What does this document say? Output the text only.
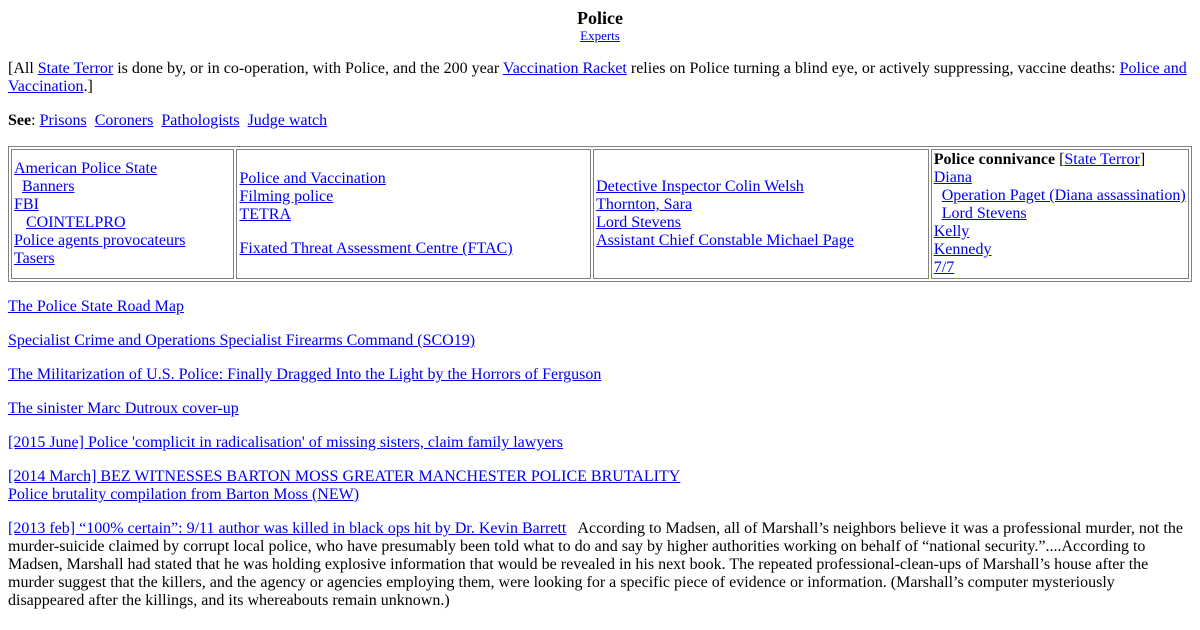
Police
Experts
[All State Terror is done by, or in co-operation, with Police, and the 200 year Vaccination Racket relies on Police turning a blind eye, or actively suppressing, vaccine deaths: Police and Vaccination.]
See: Prisons Coroners Pathologists Judge watch
American Police State
Banners
FBI
COINTELPRO
Police agents provocateurs
Tasers

Police and Vaccination
Filming police
TETRA
Fixated Threat Assessment Centre (FTAC)

Detective Inspector Colin Welsh
Thornton, Sara
Lord Stevens
Assistant Chief Constable Michael Page

Police connivance [State Terror]
Diana
Operation Paget (Diana assassination)
Lord Stevens
Kelly
Kennedy
7/7

The Police State Road Map

Specialist Crime and Operations Specialist Firearms Command (SCO19)

The Militarization of U.S. Police: Finally Dragged Into the Light by the Horrors of Ferguson

The sinister Marc Dutroux cover-up

[2015 June] Police 'complicit in radicalisation' of missing sisters, claim family lawyers

[2014 March] BEZ WITNESSES BARTON MOSS GREATER MANCHESTER POLICE BRUTALITY
Police brutality compilation from Barton Moss (NEW)

[2013 feb] “100% certain”: 9/11 author was killed in black ops hit by Dr. Kevin Barrett   According to Madsen, all of Marshall’s neighbors believe it was a professional murder, not the murder-suicide claimed by corrupt local police, who have presumably been told what to do and say by higher authorities working on behalf of “national security.”....According to Madsen, Marshall had stated that he was holding explosive information that would be revealed in his next book. The repeated professional-clean-ups of Marshall’s house after the murder suggest that the killers, and the agency or agencies employing them, were looking for a specific piece of evidence or information. (Marshall’s computer mysteriously disappeared after the killings, and its whereabouts remain unknown.)
